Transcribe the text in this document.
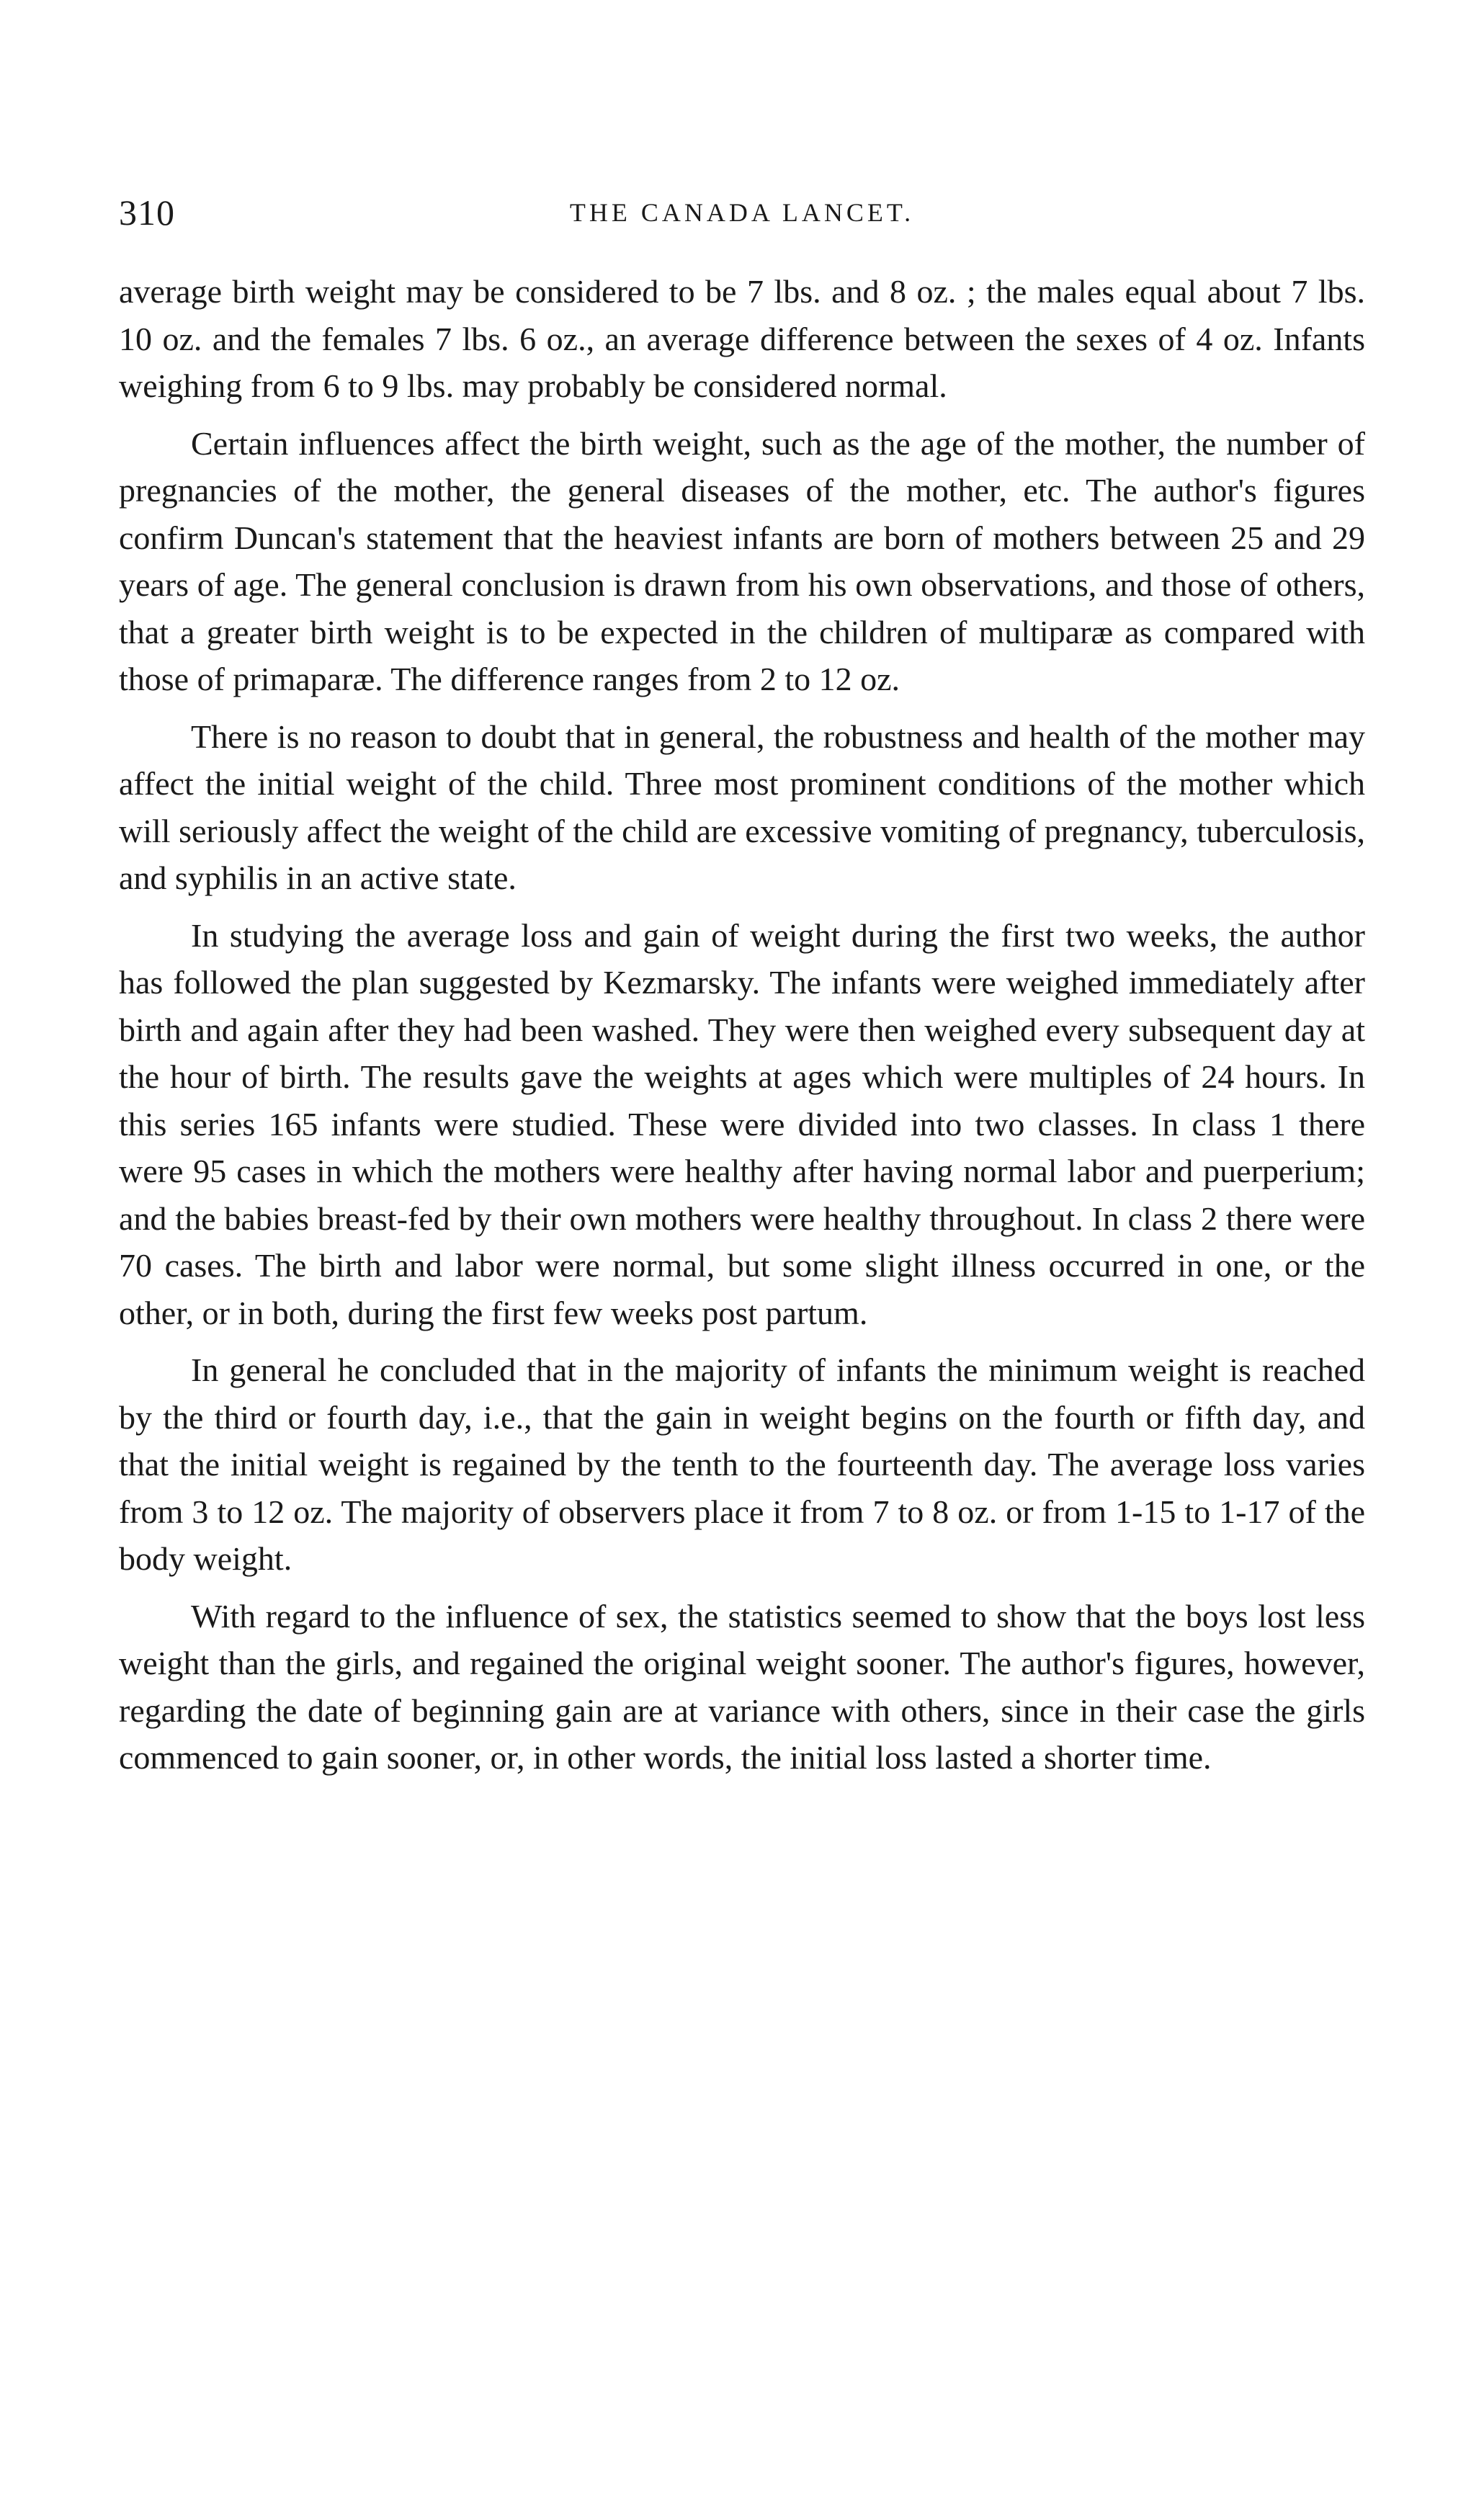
310	THE CANADA LANCET.

average birth weight may be considered to be 7 lbs. and 8 oz. ; the males equal about 7 lbs. 10 oz. and the females 7 lbs. 6 oz., an average difference between the sexes of 4 oz. Infants weighing from 6 to 9 lbs. may probably be considered normal.

Certain influences affect the birth weight, such as the age of the mother, the number of pregnancies of the mother, the general diseases of the mother, etc. The author's figures confirm Duncan's statement that the heaviest infants are born of mothers between 25 and 29 years of age. The general conclusion is drawn from his own observations, and those of others, that a greater birth weight is to be expected in the children of multiparæ as compared with those of primaparæ. The difference ranges from 2 to 12 oz.

There is no reason to doubt that in general, the robustness and health of the mother may affect the initial weight of the child. Three most prominent conditions of the mother which will seriously affect the weight of the child are excessive vomiting of pregnancy, tuberculosis, and syphilis in an active state.

In studying the average loss and gain of weight during the first two weeks, the author has followed the plan suggested by Kezmarsky. The infants were weighed immediately after birth and again after they had been washed. They were then weighed every subsequent day at the hour of birth. The results gave the weights at ages which were multiples of 24 hours. In this series 165 infants were studied. These were divided into two classes. In class 1 there were 95 cases in which the mothers were healthy after having normal labor and puerperium; and the babies breast-fed by their own mothers were healthy throughout. In class 2 there were 70 cases. The birth and labor were normal, but some slight illness occurred in one, or the other, or in both, during the first few weeks post partum.

In general he concluded that in the majority of infants the minimum weight is reached by the third or fourth day, i.e., that the gain in weight begins on the fourth or fifth day, and that the initial weight is regained by the tenth to the fourteenth day. The average loss varies from 3 to 12 oz. The majority of observers place it from 7 to 8 oz. or from 1-15 to 1-17 of the body weight.

With regard to the influence of sex, the statistics seemed to show that the boys lost less weight than the girls, and regained the original weight sooner. The author's figures, however, regarding the date of beginning gain are at variance with others, since in their case the girls commenced to gain sooner, or, in other words, the initial loss lasted a shorter time.
